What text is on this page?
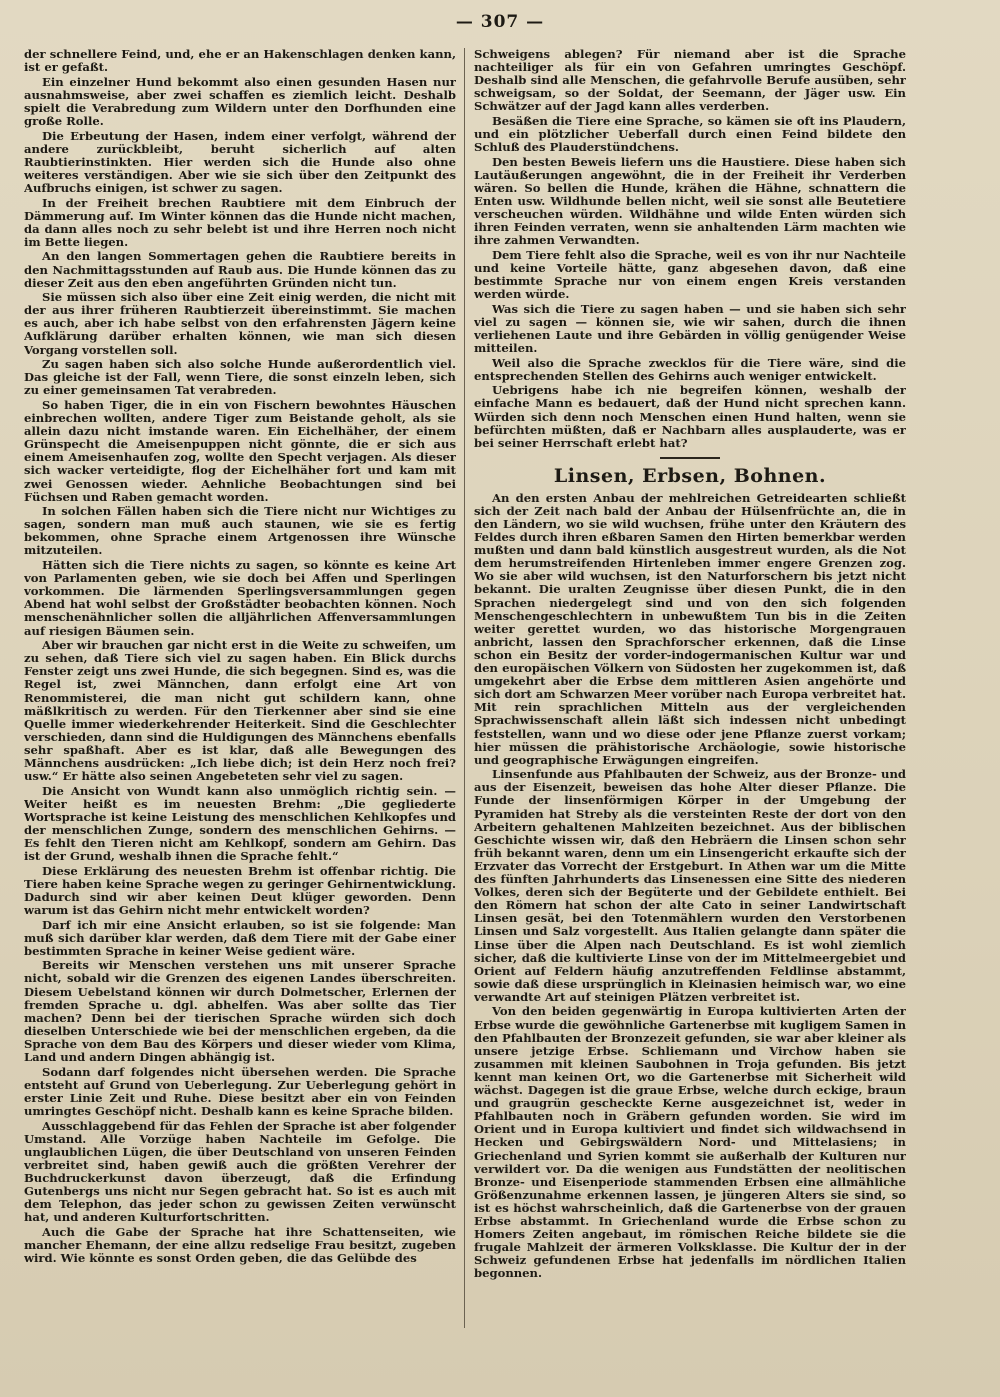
— 307 —

der schnellere Feind, und, ehe er an Hakenschlagen denken kann, ist er gefaßt.

Ein einzelner Hund bekommt also einen gesunden Hasen nur ausnahmsweise, aber zwei schaffen es ziemlich leicht. Deshalb spielt die Verabredung zum Wildern unter den Dorfhunden eine große Rolle.

Die Erbeutung der Hasen, indem einer verfolgt, während der andere zurückbleibt, beruht sicherlich auf alten Raubtierinstinkten. Hier werden sich die Hunde also ohne weiteres verständigen. Aber wie sie sich über den Zeitpunkt des Aufbruchs einigen, ist schwer zu sagen.

In der Freiheit brechen Raubtiere mit dem Einbruch der Dämmerung auf. Im Winter können das die Hunde nicht machen, da dann alles noch zu sehr belebt ist und ihre Herren noch nicht im Bette liegen.

An den langen Sommertagen gehen die Raubtiere bereits in den Nachmittagsstunden auf Raub aus. Die Hunde können das zu dieser Zeit aus den eben angeführten Gründen nicht tun.

Sie müssen sich also über eine Zeit einig werden, die nicht mit der aus ihrer früheren Raubtierzeit übereinstimmt. Sie machen es auch, aber ich habe selbst von den erfahrensten Jägern keine Aufklärung darüber erhalten können, wie man sich diesen Vorgang vorstellen soll.

Zu sagen haben sich also solche Hunde außerordentlich viel. Das gleiche ist der Fall, wenn Tiere, die sonst einzeln leben, sich zu einer gemeinsamen Tat verabreden.

So haben Tiger, die in ein von Fischern bewohntes Häuschen einbrechen wollten, andere Tiger zum Beistande geholt, als sie allein dazu nicht imstande waren. Ein Eichelhäher, der einem Grünspecht die Ameisenpuppen nicht gönnte, die er sich aus einem Ameisenhaufen zog, wollte den Specht verjagen. Als dieser sich wacker verteidigte, flog der Eichelhäher fort und kam mit zwei Genossen wieder. Aehnliche Beobachtungen sind bei Füchsen und Raben gemacht worden.

In solchen Fällen haben sich die Tiere nicht nur Wichtiges zu sagen, sondern man muß auch staunen, wie sie es fertig bekommen, ohne Sprache einem Artgenossen ihre Wünsche mitzuteilen.

Hätten sich die Tiere nichts zu sagen, so könnte es keine Art von Parlamenten geben, wie sie doch bei Affen und Sperlingen vorkommen. Die lärmenden Sperlingsversammlungen gegen Abend hat wohl selbst der Großstädter beobachten können. Noch menschenähnlicher sollen die alljährlichen Affenversammlungen auf riesigen Bäumen sein.

Aber wir brauchen gar nicht erst in die Weite zu schweifen, um zu sehen, daß Tiere sich viel zu sagen haben. Ein Blick durchs Fenster zeigt uns zwei Hunde, die sich begegnen. Sind es, was die Regel ist, zwei Männchen, dann erfolgt eine Art von Renommisterei, die man nicht gut schildern kann, ohne mäßlkritisch zu werden. Für den Tierkenner aber sind sie eine Quelle immer wiederkehrender Heiterkeit. Sind die Geschlechter verschieden, dann sind die Huldigungen des Männchens ebenfalls sehr spaßhaft. Aber es ist klar, daß alle Bewegungen des Männchens ausdrücken: „Ich liebe dich; ist dein Herz noch frei? usw.“ Er hätte also seinen Angebeteten sehr viel zu sagen.

Die Ansicht von Wundt kann also unmöglich richtig sein. — Weiter heißt es im neuesten Brehm: „Die gegliederte Wortsprache ist keine Leistung des menschlichen Kehlkopfes und der menschlichen Zunge, sondern des menschlichen Gehirns. — Es fehlt den Tieren nicht am Kehlkopf, sondern am Gehirn. Das ist der Grund, weshalb ihnen die Sprache fehlt.“

Diese Erklärung des neuesten Brehm ist offenbar richtig. Die Tiere haben keine Sprache wegen zu geringer Gehirnentwicklung. Dadurch sind wir aber keinen Deut klüger geworden. Denn warum ist das Gehirn nicht mehr entwickelt worden?

Darf ich mir eine Ansicht erlauben, so ist sie folgende: Man muß sich darüber klar werden, daß dem Tiere mit der Gabe einer bestimmten Sprache in keiner Weise gedient wäre.

Bereits wir Menschen verstehen uns mit unserer Sprache nicht, sobald wir die Grenzen des eigenen Landes überschreiten. Diesem Uebelstand können wir durch Dolmetscher, Erlernen der fremden Sprache u. dgl. abhelfen. Was aber sollte das Tier machen? Denn bei der tierischen Sprache würden sich doch dieselben Unterschiede wie bei der menschlichen ergeben, da die Sprache von dem Bau des Körpers und dieser wieder vom Klima, Land und andern Dingen abhängig ist.

Sodann darf folgendes nicht übersehen werden. Die Sprache entsteht auf Grund von Ueberlegung. Zur Ueberlegung gehört in erster Linie Zeit und Ruhe. Diese besitzt aber ein von Feinden umringtes Geschöpf nicht. Deshalb kann es keine Sprache bilden.

Ausschlaggebend für das Fehlen der Sprache ist aber folgender Umstand. Alle Vorzüge haben Nachteile im Gefolge. Die unglaublichen Lügen, die über Deutschland von unseren Feinden verbreitet sind, haben gewiß auch die größten Verehrer der Buchdruckerkunst davon überzeugt, daß die Erfindung Gutenbergs uns nicht nur Segen gebracht hat. So ist es auch mit dem Telephon, das jeder schon zu gewissen Zeiten verwünscht hat, und anderen Kulturfortschritten.

Auch die Gabe der Sprache hat ihre Schattenseiten, wie mancher Ehemann, der eine allzu redselige Frau besitzt, zugeben wird. Wie könnte es sonst Orden geben, die das Gelübde des

Schweigens ablegen? Für niemand aber ist die Sprache nachteiliger als für ein von Gefahren umringtes Geschöpf. Deshalb sind alle Menschen, die gefahrvolle Berufe ausüben, sehr schweigsam, so der Soldat, der Seemann, der Jäger usw. Ein Schwätzer auf der Jagd kann alles verderben.

Besäßen die Tiere eine Sprache, so kämen sie oft ins Plaudern, und ein plötzlicher Ueberfall durch einen Feind bildete den Schluß des Plauderstündchens.

Den besten Beweis liefern uns die Haustiere. Diese haben sich Lautäußerungen angewöhnt, die in der Freiheit ihr Verderben wären. So bellen die Hunde, krähen die Hähne, schnattern die Enten usw. Wildhunde bellen nicht, weil sie sonst alle Beutetiere verscheuchen würden. Wildhähne und wilde Enten würden sich ihren Feinden verraten, wenn sie anhaltenden Lärm machten wie ihre zahmen Verwandten.

Dem Tiere fehlt also die Sprache, weil es von ihr nur Nachteile und keine Vorteile hätte, ganz abgesehen davon, daß eine bestimmte Sprache nur von einem engen Kreis verstanden werden würde.

Was sich die Tiere zu sagen haben — und sie haben sich sehr viel zu sagen — können sie, wie wir sahen, durch die ihnen verliehenen Laute und ihre Gebärden in völlig genügender Weise mitteilen.

Weil also die Sprache zwecklos für die Tiere wäre, sind die entsprechenden Stellen des Gehirns auch weniger entwickelt.

Uebrigens habe ich nie begreifen können, weshalb der einfache Mann es bedauert, daß der Hund nicht sprechen kann. Würden sich denn noch Menschen einen Hund halten, wenn sie befürchten müßten, daß er Nachbarn alles ausplauderte, was er bei seiner Herrschaft erlebt hat?

Linsen, Erbsen, Bohnen.

An den ersten Anbau der mehlreichen Getreidearten schließt sich der Zeit nach bald der Anbau der Hülsenfrüchte an, die in den Ländern, wo sie wild wuchsen, frühe unter den Kräutern des Feldes durch ihren eßbaren Samen den Hirten bemerkbar werden mußten und dann bald künstlich ausgestreut wurden, als die Not dem herumstreifenden Hirtenleben immer engere Grenzen zog. Wo sie aber wild wuchsen, ist den Naturforschern bis jetzt nicht bekannt. Die uralten Zeugnisse über diesen Punkt, die in den Sprachen niedergelegt sind und von den sich folgenden Menschengeschlechtern in unbewußtem Tun bis in die Zeiten weiter gerettet wurden, wo das historische Morgengrauen anbricht, lassen den Sprachforscher erkennen, daß die Linse schon ein Besitz der vorder-indogermanischen Kultur war und den europäischen Völkern von Südosten her zugekommen ist, daß umgekehrt aber die Erbse dem mittleren Asien angehörte und sich dort am Schwarzen Meer vorüber nach Europa verbreitet hat. Mit rein sprachlichen Mitteln aus der vergleichenden Sprachwissenschaft allein läßt sich indessen nicht unbedingt feststellen, wann und wo diese oder jene Pflanze zuerst vorkam; hier müssen die prähistorische Archäologie, sowie historische und geographische Erwägungen eingreifen.

Linsenfunde aus Pfahlbauten der Schweiz, aus der Bronze- und aus der Eisenzeit, beweisen das hohe Alter dieser Pflanze. Die Funde der linsenförmigen Körper in der Umgebung der Pyramiden hat Streby als die versteinten Reste der dort von den Arbeitern gehaltenen Mahlzeiten bezeichnet. Aus der biblischen Geschichte wissen wir, daß den Hebräern die Linsen schon sehr früh bekannt waren, denn um ein Linsengericht erkaufte sich der Erzvater das Vorrecht der Erstgeburt. In Athen war um die Mitte des fünften Jahrhunderts das Linsenessen eine Sitte des niederen Volkes, deren sich der Begüterte und der Gebildete enthielt. Bei den Römern hat schon der alte Cato in seiner Landwirtschaft Linsen gesät, bei den Totenmählern wurden den Verstorbenen Linsen und Salz vorgestellt. Aus Italien gelangte dann später die Linse über die Alpen nach Deutschland. Es ist wohl ziemlich sicher, daß die kultivierte Linse von der im Mittelmeergebiet und Orient auf Feldern häufig anzutreffenden Feldlinse abstammt, sowie daß diese ursprünglich in Kleinasien heimisch war, wo eine verwandte Art auf steinigen Plätzen verbreitet ist.

Von den beiden gegenwärtig in Europa kultivierten Arten der Erbse wurde die gewöhnliche Gartenerbse mit kugligem Samen in den Pfahlbauten der Bronzezeit gefunden, sie war aber kleiner als unsere jetzige Erbse. Schliemann und Virchow haben sie zusammen mit kleinen Saubohnen in Troja gefunden. Bis jetzt kennt man keinen Ort, wo die Gartenerbse mit Sicherheit wild wächst. Dagegen ist die graue Erbse, welche durch eckige, braun und graugrün gescheckte Kerne ausgezeichnet ist, weder in Pfahlbauten noch in Gräbern gefunden worden. Sie wird im Orient und in Europa kultiviert und findet sich wildwachsend in Hecken und Gebirgswäldern Nord- und Mittelasiens; in Griechenland und Syrien kommt sie außerhalb der Kulturen nur verwildert vor. Da die wenigen aus Fundstätten der neolitischen Bronze- und Eisenperiode stammenden Erbsen eine allmähliche Größenzunahme erkennen lassen, je jüngeren Alters sie sind, so ist es höchst wahrscheinlich, daß die Gartenerbse von der grauen Erbse abstammt. In Griechenland wurde die Erbse schon zu Homers Zeiten angebaut, im römischen Reiche bildete sie die frugale Mahlzeit der ärmeren Volksklasse. Die Kultur der in der Schweiz gefundenen Erbse hat jedenfalls im nördlichen Italien begonnen.
